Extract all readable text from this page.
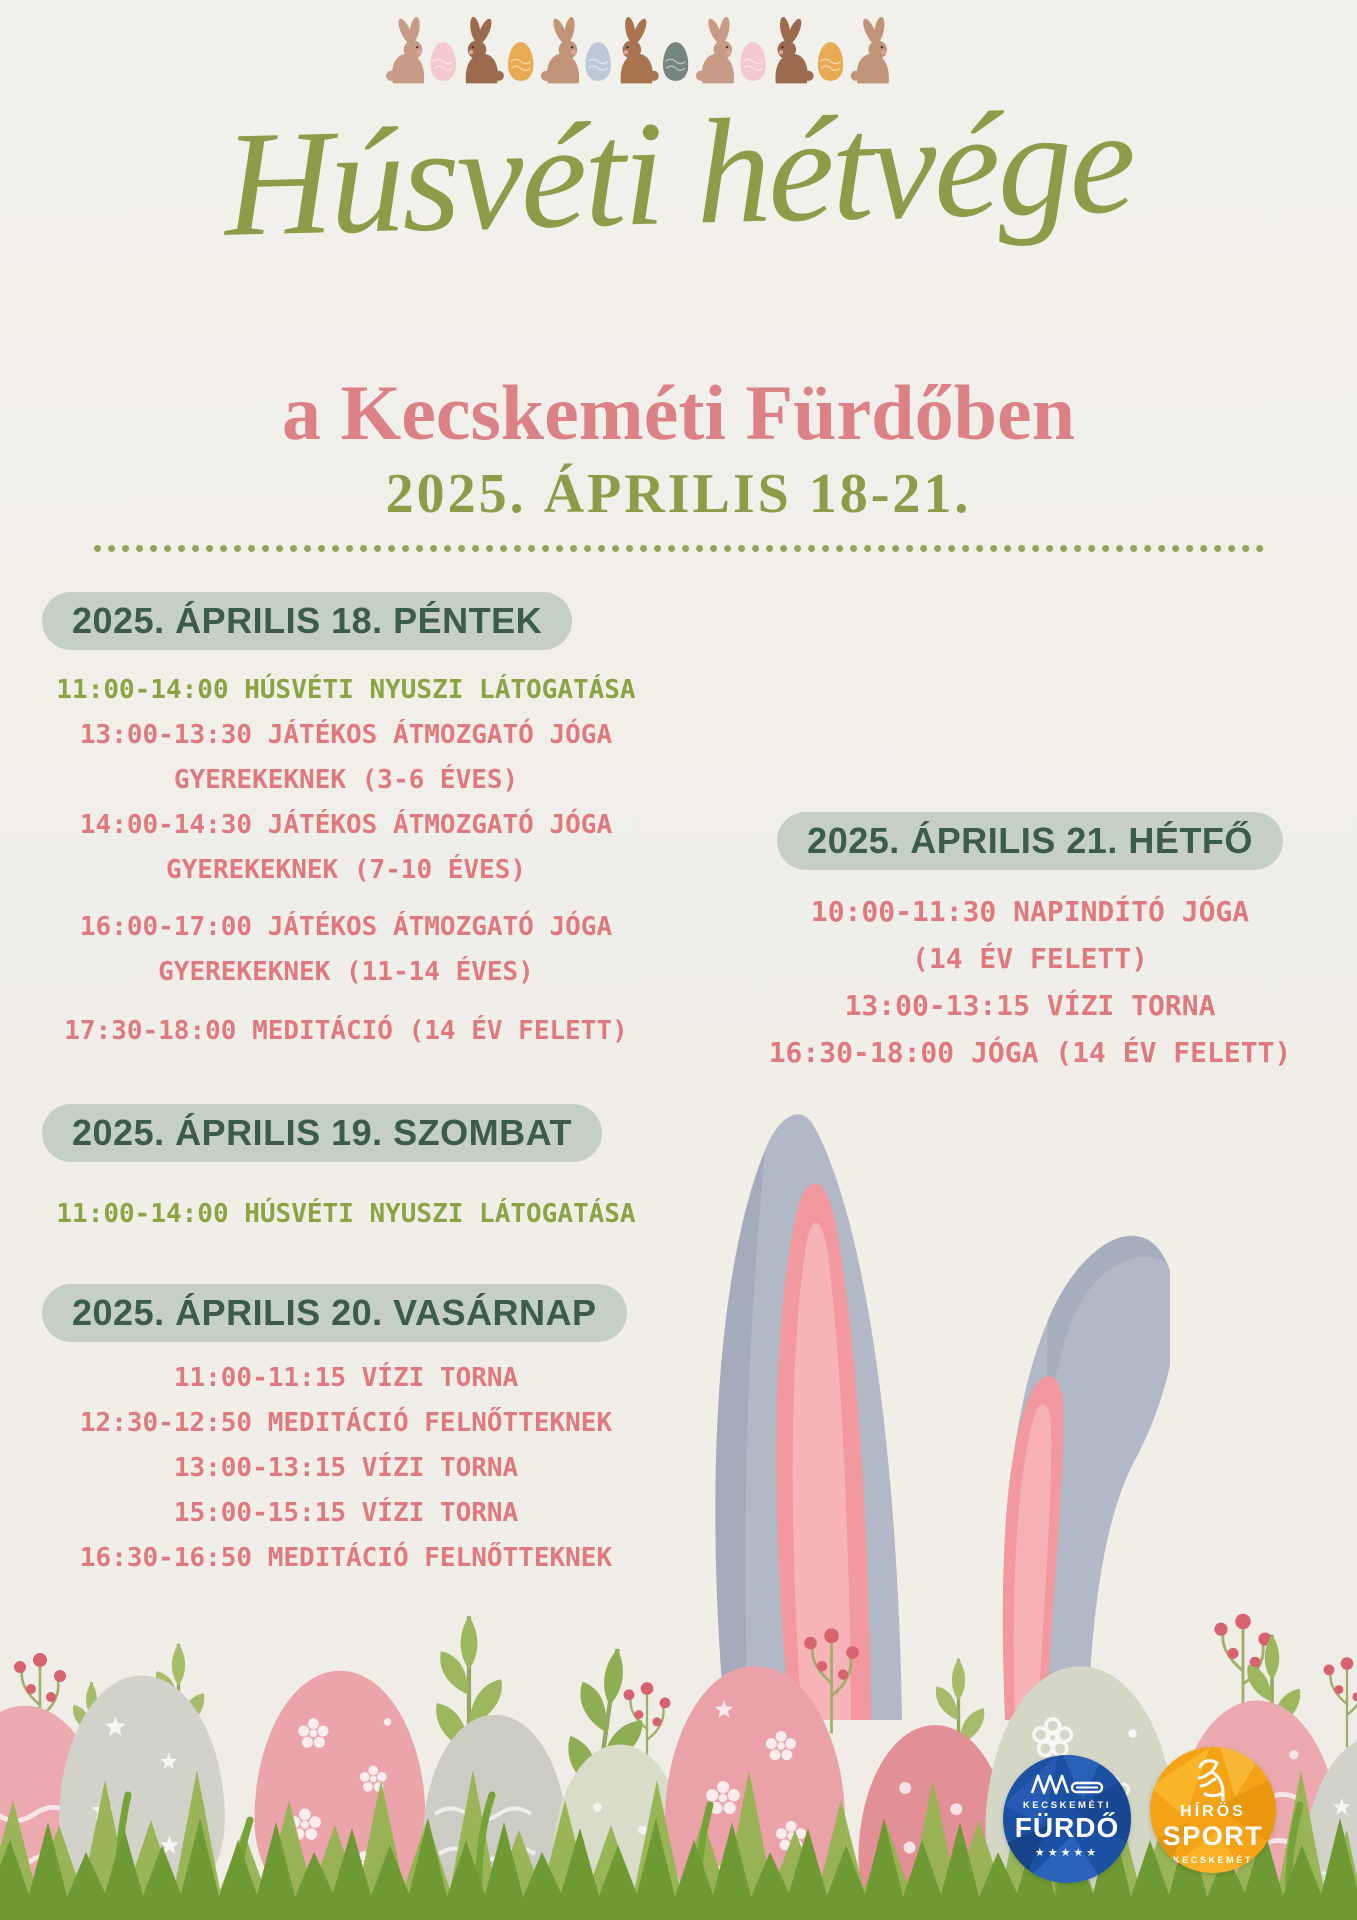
Húsvéti hétvége
a Kecskeméti Fürdőben
2025. ÁPRILIS 18-21.
2025. ÁPRILIS 18. PÉNTEK

11:00-14:00 HÚSVÉTI NYUSZI LÁTOGATÁSA

13:00-13:30 JÁTÉKOS ÁTMOZGATÓ JÓGA

GYEREKEKNEK (3-6 ÉVES)

14:00-14:30 JÁTÉKOS ÁTMOZGATÓ JÓGA

GYEREKEKNEK (7-10 ÉVES)

16:00-17:00 JÁTÉKOS ÁTMOZGATÓ JÓGA

GYEREKEKNEK (11-14 ÉVES)

17:30-18:00 MEDITÁCIÓ (14 ÉV FELETT)

2025. ÁPRILIS 21. HÉTFŐ

10:00-11:30 NAPINDÍTÓ JÓGA

(14 ÉV FELETT)

13:00-13:15 VÍZI TORNA

16:30-18:00 JÓGA (14 ÉV FELETT)

2025. ÁPRILIS 19. SZOMBAT

11:00-14:00 HÚSVÉTI NYUSZI LÁTOGATÁSA

2025. ÁPRILIS 20. VASÁRNAP

11:00-11:15 VÍZI TORNA

12:30-12:50 MEDITÁCIÓ FELNŐTTEKNEK

13:00-13:15 VÍZI TORNA

15:00-15:15 VÍZI TORNA

16:30-16:50 MEDITÁCIÓ FELNŐTTEKNEK

KECSKEMÉTI
FÜRDŐ
★★★★★
HÍRÖS
SPORT
KECSKEMÉT
